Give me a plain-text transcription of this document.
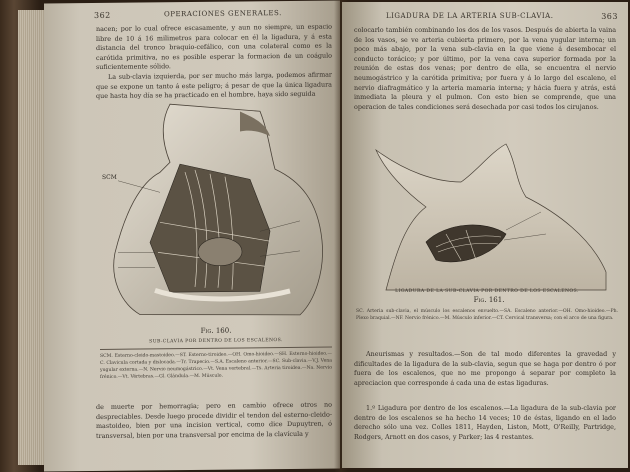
362	OPERACIONES GENERALES.

nacen; por lo cual ofrece escasamente, y aun no siempre, un espacio libre de 10 á 16 milimetros para colocar en él la ligadura, y á esta distancia del tronco braquio-cefálico, con una colateral como es la carótida primitiva, no es posible esperar la formacion de un coágulo suficientemente sólido.

La sub-clavia izquierda, por ser mucho más larga, podemos afirmar que se expone un tanto á este peligro; á pesar de que la única ligadura que hasta hoy día se ha practicado en el hombre, haya sido seguida

SCM
Fig. 160.
SUB-CLAVIA POR DENTRO DE LOS ESCALENOS.
SCM. Esterno-cleido-mastoideo.—ST. Esterno-tiroideo.—OH. Omo-hioideo.—SH. Esterno-hioideo.—C. Clavicula cortada y dislocada.—Tr. Trapecio.—S.A. Escaleno anterior.—SC. Sub-clavia.—V.J. Vena yugular externa.—N. Nervio neumogástrico.—Vt. Vena vertebral.—Ts. Arteria tiroidea.—Na. Nervio frénico.—Vt. Vértebras.—Gl. Glándula.—M. Músculo.

de muerte por hemorragia; pero en cambio ofrece otros no despreciables. Desde luego procede dividir el tendon del esterno-cleido-mastoideo, bien por una incision vertical, como dice Dupuytren, ó transversal, bien por una transversal por encima de la clavícula y

LIGADURA DE LA ARTERIA SUB-CLAVIA.	363

colocarlo también combinando los dos de los vasos. Después de abierta la vaina de los vasos, se ve arteria cubierta primero, por la vena yugular interna; un poco más abajo, por la vena sub-clavia en la que viene á desembocar el conducto torácico; y por último, por la vena cava superior formada por la reunión de estas dos venas; por dentro de ella, se encuentra el nervio neumogástrico y la carótida primitiva; por fuera y á lo largo del escaleno, el nervio diafragmático y la arteria mamaria interna; y hácia fuera y atrás, está inmediata la pleura y el pulmon. Con esto bien se comprende, que una operacion de tales condiciones será desechada por casi todos los cirujanos.

Fig. 161.
LIGADURA DE LA SUB-CLAVIA POR DENTRO DE LOS ESCALENOS.
SC. Arteria sub-clavia, el músculo los escalenos envuelto.—SA. Escaleno anterior.—OH. Omo-hioideo.—Ph. Plexo braquial.—NF. Nervio frénico.—M. Músculo inferior.—CT. Cervical transversa; con el arco de una figura.

Aneurismas y resultados.—Son de tal modo diferentes la gravedad y dificultades de la ligadura de la sub-clavia, segun que se haga por dentro ó por fuera de los escalenos, que no me propongo á separar por completo la apreciacion que corresponde á cada una de estas ligaduras.

1.º Ligadura por dentro de los escalenos.—La ligadura de la sub-clavia por dentro de los escalenos se ha hecho 14 veces; 10 de éstas, ligando en el lado derecho sólo una vez. Colles 1811, Hayden, Liston, Mott, O'Reilly, Partridge, Rodgers, Arnott en dos casos, y Parker; las 4 restantes.
